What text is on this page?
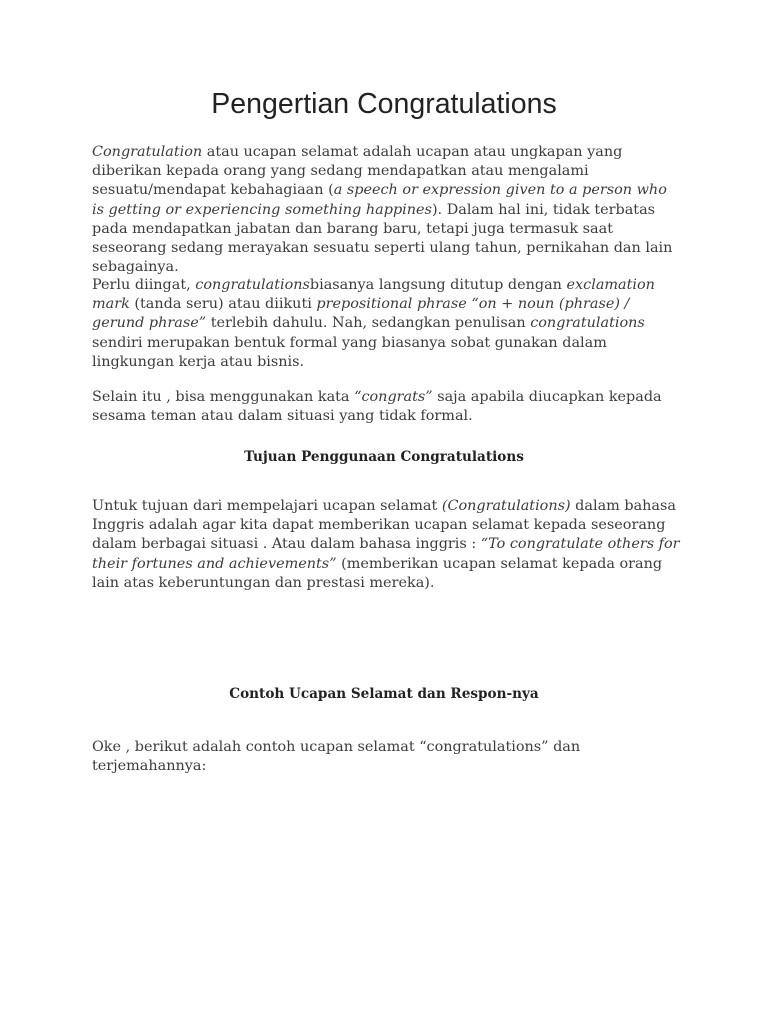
Pengertian Congratulations

Congratulation atau ucapan selamat adalah ucapan atau ungkapan yang diberikan kepada orang yang sedang mendapatkan atau mengalami sesuatu/mendapat kebahagiaan (a speech or expression given to a person who is getting or experiencing something happines). Dalam hal ini, tidak terbatas pada mendapatkan jabatan dan barang baru, tetapi juga termasuk saat seseorang sedang merayakan sesuatu seperti ulang tahun, pernikahan dan lain sebagainya.

Perlu diingat, congratulationsbiasanya langsung ditutup dengan exclamation mark (tanda seru) atau diikuti prepositional phrase “on + noun (phrase) / gerund phrase” terlebih dahulu. Nah, sedangkan penulisan congratulations sendiri merupakan bentuk formal yang biasanya sobat gunakan dalam lingkungan kerja atau bisnis.

Selain itu , bisa menggunakan kata “congrats” saja apabila diucapkan kepada sesama teman atau dalam situasi yang tidak formal.

Tujuan Penggunaan Congratulations

Untuk tujuan dari mempelajari ucapan selamat (Congratulations) dalam bahasa Inggris adalah agar kita dapat memberikan ucapan selamat kepada seseorang dalam berbagai situasi . Atau dalam bahasa inggris : “To congratulate others for their fortunes and achievements” (memberikan ucapan selamat kepada orang lain atas keberuntungan dan prestasi mereka).

Contoh Ucapan Selamat dan Respon-nya

Oke , berikut adalah contoh ucapan selamat “congratulations” dan terjemahannya:
